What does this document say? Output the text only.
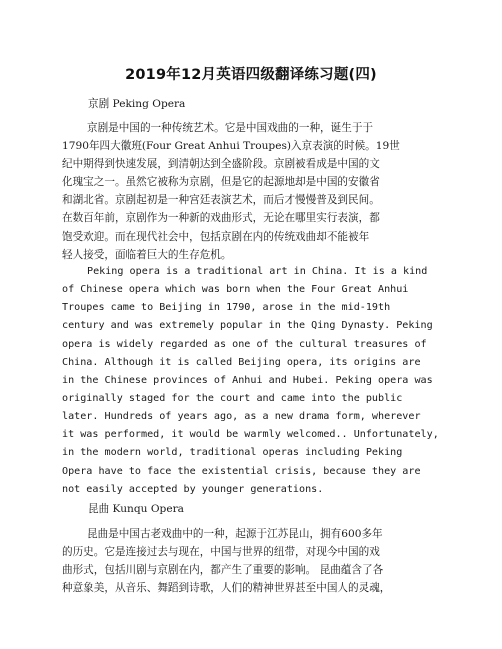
2019年12月英语四级翻译练习题(四)
京剧 Peking Opera
京剧是中国的一种传统艺术。它是中国戏曲的一种，诞生于于
1790年四大徽班(Four Great Anhui Troupes)入京表演的时候。19世
纪中期得到快速发展，到清朝达到全盛阶段。京剧被看成是中国的文
化瑰宝之一。虽然它被称为京剧，但是它的起源地却是中国的安徽省
和湖北省。京剧起初是一种宫廷表演艺术，而后才慢慢普及到民间。
在数百年前，京剧作为一种新的戏曲形式，无论在哪里实行表演，都
饱受欢迎。而在现代社会中，包括京剧在内的传统戏曲却不能被年
轻人接受，面临着巨大的生存危机。
Peking opera is a traditional art in China. It is a kind
of Chinese opera which was born when the Four Great Anhui
Troupes came to Beijing in 1790, arose in the mid-19th
century and was extremely popular in the Qing Dynasty. Peking
opera is widely regarded as one of the cultural treasures of
China. Although it is called Beijing opera, its origins are
in the Chinese provinces of Anhui and Hubei. Peking opera was
originally staged for the court and came into the public
later. Hundreds of years ago, as a new drama form, wherever
it was performed, it would be warmly welcomed.. Unfortunately,
in the modern world, traditional operas including Peking
Opera have to face the existential crisis, because they are
not easily accepted by younger generations.
昆曲 Kunqu Opera
昆曲是中国古老戏曲中的一种，起源于江苏昆山，拥有600多年
的历史。它是连接过去与现在，中国与世界的纽带，对现今中国的戏
曲形式，包括川剧与京剧在内，都产生了重要的影响。 昆曲蕴含了各
种意象美，从音乐、舞蹈到诗歌，人们的精神世界甚至中国人的灵魂，
